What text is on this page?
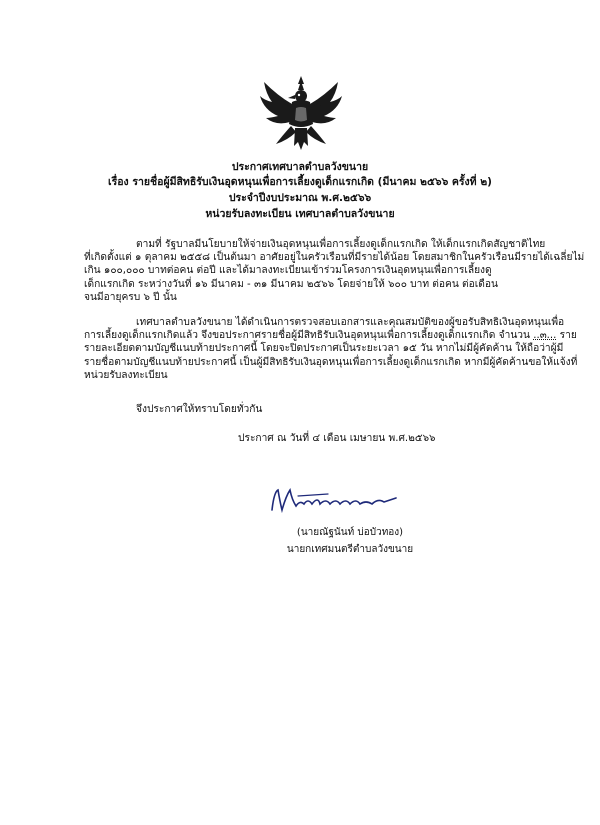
ประกาศเทศบาลตำบลวังขนาย
เรื่อง รายชื่อผู้มีสิทธิรับเงินอุดหนุนเพื่อการเลี้ยงดูเด็กแรกเกิด (มีนาคม ๒๕๖๖ ครั้งที่ ๒)
ประจำปีงบประมาณ พ.ศ.๒๕๖๖
หน่วยรับลงทะเบียน เทศบาลตำบลวังขนาย
ตามที่ รัฐบาลมีนโยบายให้จ่ายเงินอุดหนุนเพื่อการเลี้ยงดูเด็กแรกเกิด ให้เด็กแรกเกิดสัญชาติไทย
ที่เกิดตั้งแต่ ๑ ตุลาคม ๒๕๕๘ เป็นต้นมา อาศัยอยู่ในครัวเรือนที่มีรายได้น้อย โดยสมาชิกในครัวเรือนมีรายได้เฉลี่ยไม่
เกิน ๑๐๐,๐๐๐ บาทต่อคน ต่อปี และได้มาลงทะเบียนเข้าร่วมโครงการเงินอุดหนุนเพื่อการเลี้ยงดู
เด็กแรกเกิด ระหว่างวันที่ ๑๖ มีนาคม - ๓๑ มีนาคม ๒๕๖๖ โดยจ่ายให้ ๖๐๐ บาท ต่อคน ต่อเดือน
จนมีอายุครบ ๖ ปี นั้น
เทศบาลตำบลวังขนาย ได้ดำเนินการตรวจสอบเอกสารและคุณสมบัติของผู้ขอรับสิทธิเงินอุดหนุนเพื่อ
การเลี้ยงดูเด็กแรกเกิดแล้ว จึงขอประกาศรายชื่อผู้มีสิทธิรับเงินอุดหนุนเพื่อการเลี้ยงดูเด็กแรกเกิด จำนวน ..๓... ราย
รายละเอียดตามบัญชีแนบท้ายประกาศนี้ โดยจะปิดประกาศเป็นระยะเวลา ๑๕ วัน หากไม่มีผู้คัดค้าน ให้ถือว่าผู้มี
รายชื่อตามบัญชีแนบท้ายประกาศนี้ เป็นผู้มีสิทธิรับเงินอุดหนุนเพื่อการเลี้ยงดูเด็กแรกเกิด หากมีผู้คัดค้านขอให้แจ้งที่
หน่วยรับลงทะเบียน
จึงประกาศให้ทราบโดยทั่วกัน
ประกาศ ณ วันที่ ๔ เดือน เมษายน พ.ศ.๒๕๖๖
(นายณัฐนันท์ บ่อบัวทอง)
นายกเทศมนตรีตำบลวังขนาย
